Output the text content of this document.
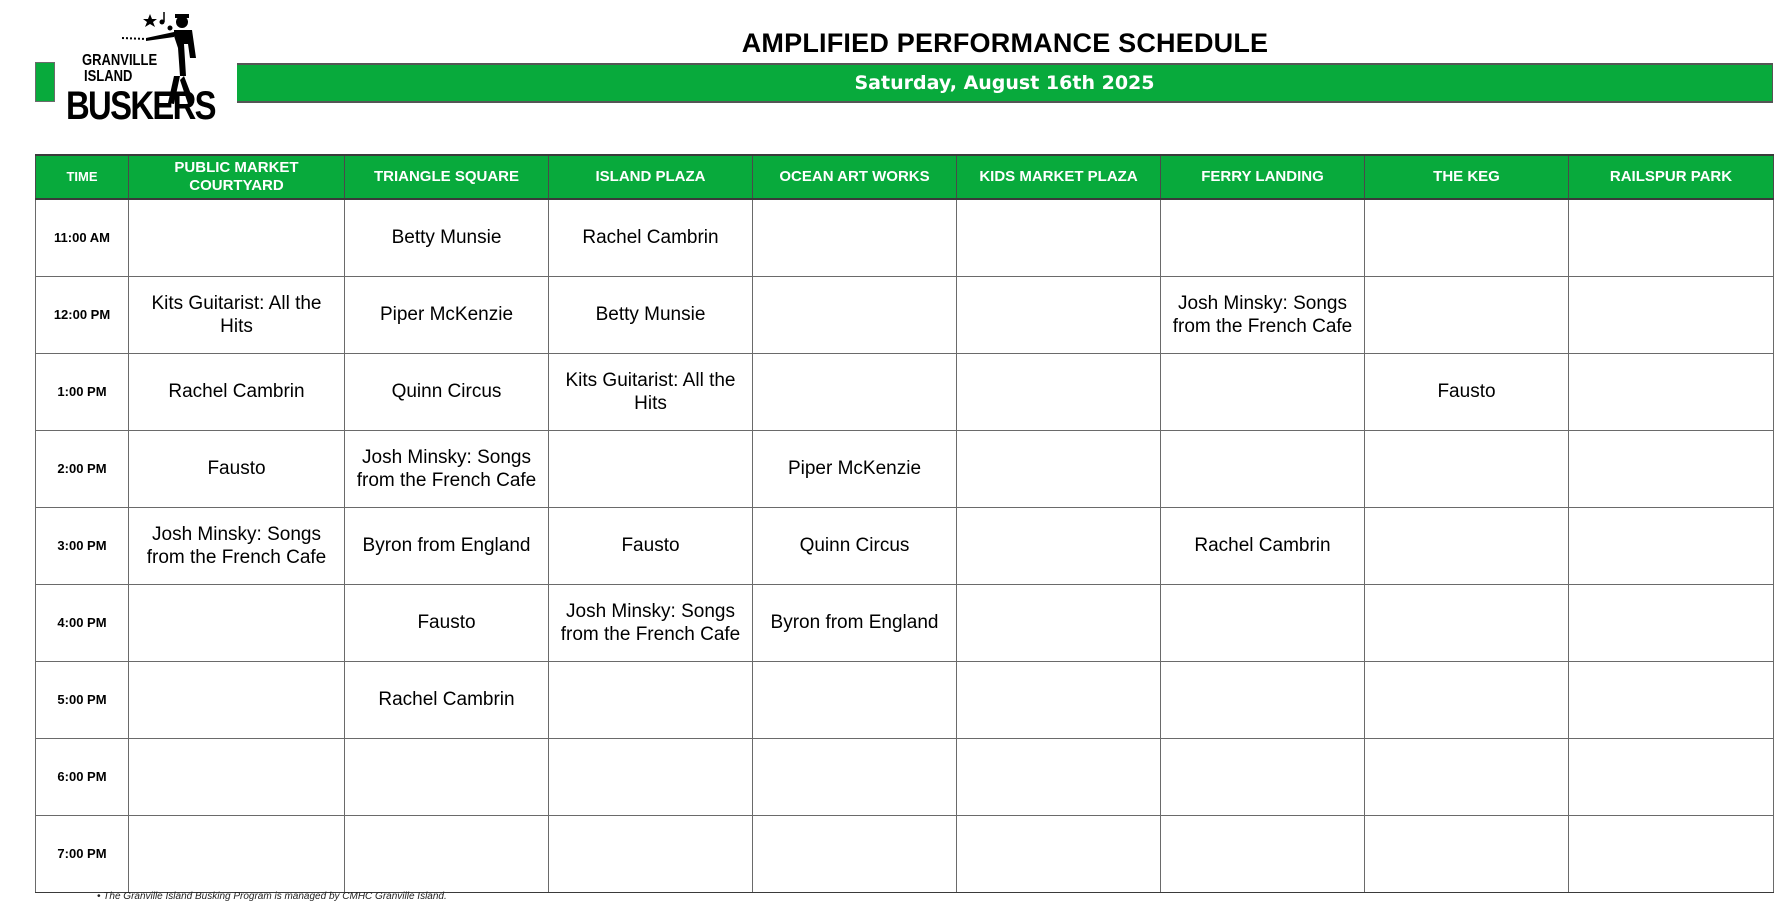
GRANVILLE
ISLAND
BUSKERS
AMPLIFIED PERFORMANCE SCHEDULE
Saturday, August 16th 2025
TIME	PUBLIC MARKET COURTYARD	TRIANGLE SQUARE	ISLAND PLAZA	OCEAN ART WORKS	KIDS MARKET PLAZA	FERRY LANDING	THE KEG	RAILSPUR PARK
11:00 AM		Betty Munsie	Rachel Cambrin					
12:00 PM	Kits Guitarist: All the Hits	Piper McKenzie	Betty Munsie			Josh Minsky: Songs from the French Cafe		
1:00 PM	Rachel Cambrin	Quinn Circus	Kits Guitarist: All the Hits				Fausto	
2:00 PM	Fausto	Josh Minsky: Songs from the French Cafe		Piper McKenzie				
3:00 PM	Josh Minsky: Songs from the French Cafe	Byron from England	Fausto	Quinn Circus		Rachel Cambrin		
4:00 PM		Fausto	Josh Minsky: Songs from the French Cafe	Byron from England				
5:00 PM		Rachel Cambrin						
6:00 PM								
7:00 PM								
• The Granville Island Busking Program is managed by CMHC Granville Island.
